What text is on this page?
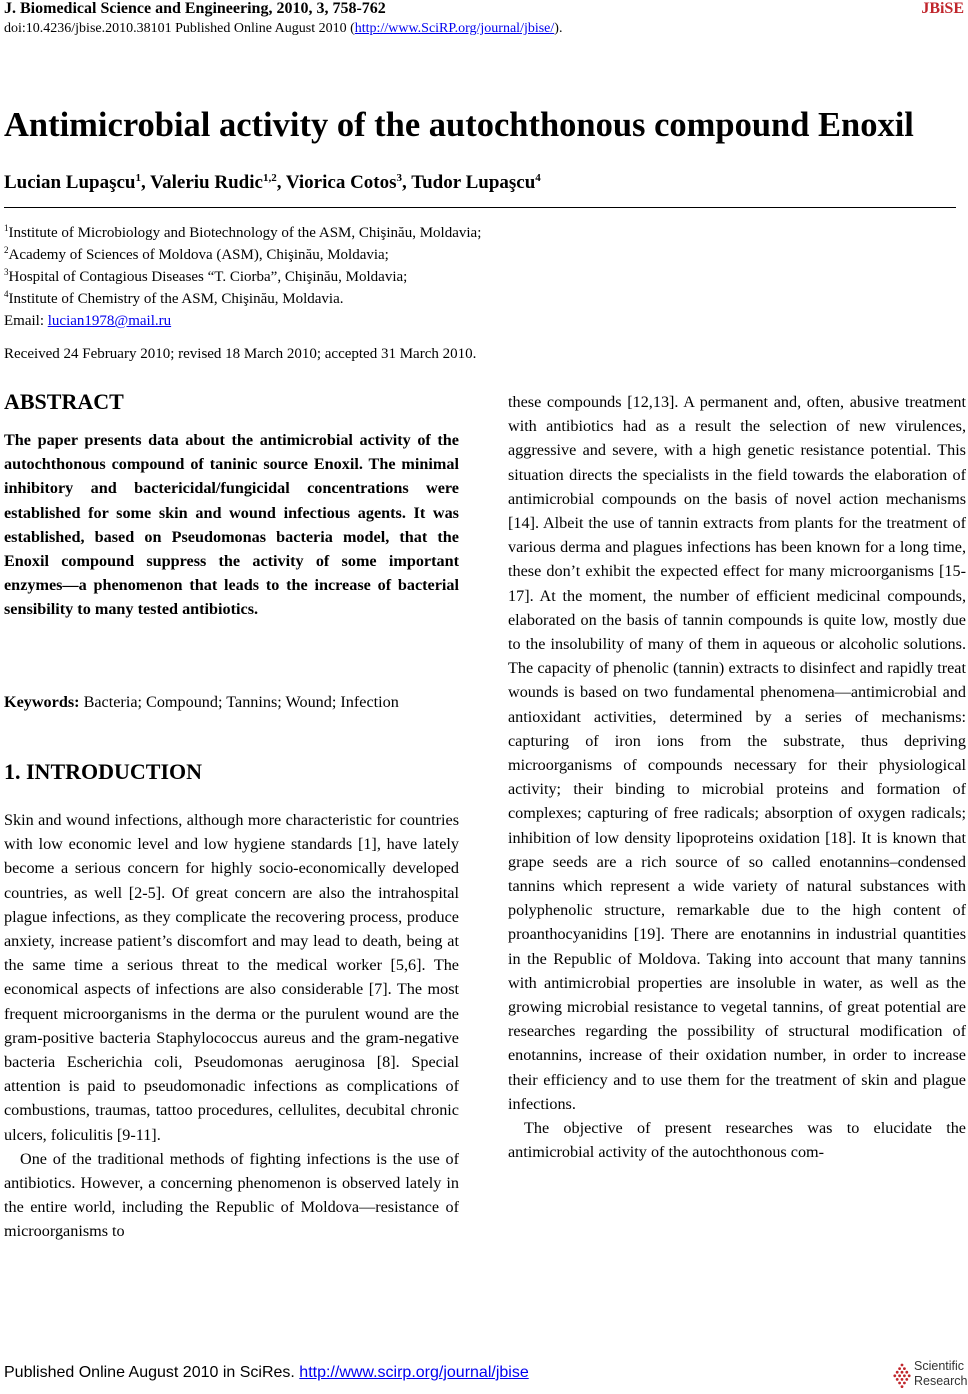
J. Biomedical Science and Engineering, 2010, 3, 758-762	JBiSE
doi:10.4236/jbise.2010.38101 Published Online August 2010 (http://www.SciRP.org/journal/jbise/).
Antimicrobial activity of the autochthonous compound Enoxil
Lucian Lupaşcu$^1$, Valeriu Rudic$^{1,2}$, Viorica Cotos$^3$, Tudor Lupaşcu$^4$
$^1$Institute of Microbiology and Biotechnology of the ASM, Chişinău, Moldavia;
$^2$Academy of Sciences of Moldova (ASM), Chişinău, Moldavia;
$^3$Hospital of Contagious Diseases “T. Ciorba”, Chişinău, Moldavia;
$^4$Institute of Chemistry of the ASM, Chişinău, Moldavia.
Email: lucian1978@mail.ru
Received 24 February 2010; revised 18 March 2010; accepted 31 March 2010.
ABSTRACT
The paper presents data about the antimicrobial activity of the autochthonous compound of taninic source Enoxil. The minimal inhibitory and bactericidal/fungicidal concentrations were established for some skin and wound infectious agents. It was established, based on Pseudomonas bacteria model, that the Enoxil compound suppress the activity of some important enzymes—a phenomenon that leads to the increase of bacterial sensibility to many tested antibiotics.
Keywords: Bacteria; Compound; Tannins; Wound; Infection
1. INTRODUCTION

Skin and wound infections, although more characteristic for countries with low economic level and low hygiene standards [1], have lately become a serious concern for highly socio-economically developed countries, as well [2-5]. Of great concern are also the intrahospital plague infections, as they complicate the recovering process, produce anxiety, increase patient’s discomfort and may lead to death, being at the same time a serious threat to the medical worker [5,6]. The economical aspects of infections are also considerable [7]. The most frequent microorganisms in the derma or the purulent wound are the gram-positive bacteria Staphylococcus aureus and the gram-negative bacteria Escherichia coli, Pseudomonas aeruginosa [8]. Special attention is paid to pseudomonadic infections as complications of combustions, traumas, tattoo procedures, cellulites, decubital chronic ulcers, foliculitis [9-11].

One of the traditional methods of fighting infections is the use of antibiotics. However, a concerning phenomenon is observed lately in the entire world, including the Republic of Moldova—resistance of microorganisms to

these compounds [12,13]. A permanent and, often, abusive treatment with antibiotics had as a result the selection of new virulences, aggressive and severe, with a high genetic resistance potential. This situation directs the specialists in the field towards the elaboration of antimicrobial compounds on the basis of novel action mechanisms [14]. Albeit the use of tannin extracts from plants for the treatment of various derma and plagues infections has been known for a long time, these don’t exhibit the expected effect for many microorganisms [15-17]. At the moment, the number of efficient medicinal compounds, elaborated on the basis of tannin compounds is quite low, mostly due to the insolubility of many of them in aqueous or alcoholic solutions. The capacity of phenolic (tannin) extracts to disinfect and rapidly treat wounds is based on two fundamental phenomena—antimicrobial and antioxidant activities, determined by a series of mechanisms: capturing of iron ions from the substrate, thus depriving microorganisms of compounds necessary for their physiological activity; their binding to microbial proteins and formation of complexes; capturing of free radicals; absorption of oxygen radicals; inhibition of low density lipoproteins oxidation [18]. It is known that grape seeds are a rich source of so called enotannins–condensed tannins which represent a wide variety of natural substances with polyphenolic structure, remarkable due to the high content of proanthocyanidins [19]. There are enotannins in industrial quantities in the Republic of Moldova. Taking into account that many tannins with antimicrobial properties are insoluble in water, as well as the growing microbial resistance to vegetal tannins, of great potential are researches regarding the possibility of structural modification of enotannins, increase of their oxidation number, in order to increase their efficiency and to use them for the treatment of skin and plague infections.

The objective of present researches was to elucidate the antimicrobial activity of the autochthonous com-

Published Online August 2010 in SciRes. http://www.scirp.org/journal/jbise	Scientific
Research
